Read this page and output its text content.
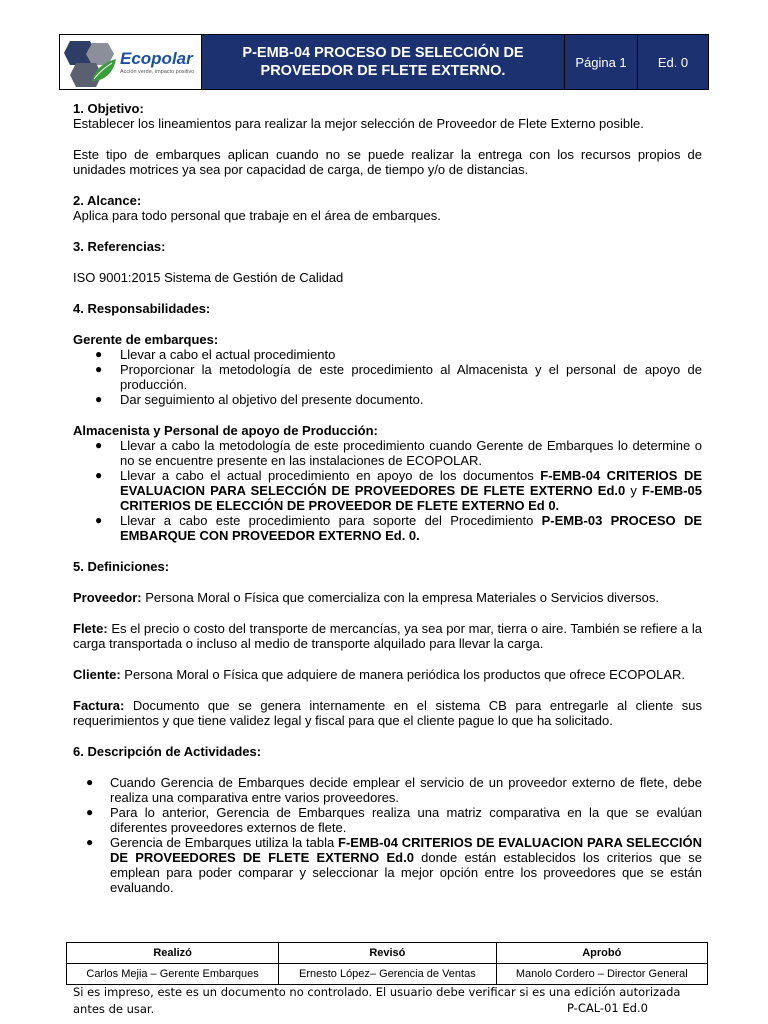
Ecopolar
Acción verde, impacto positivo
P-EMB-04 PROCESO DE SELECCIÓN DE
PROVEEDOR DE FLETE EXTERNO.
Página 1	Ed. 0

1. Objetivo:

Establecer los lineamientos para realizar la mejor selección de Proveedor de Flete Externo posible.

Este tipo de embarques aplican cuando no se puede realizar la entrega con los recursos propios de unidades motrices ya sea por capacidad de carga, de tiempo y/o de distancias.

2. Alcance:

Aplica para todo personal que trabaje en el área de embarques.

3. Referencias:

ISO 9001:2015 Sistema de Gestión de Calidad

4. Responsabilidades:

Gerente de embarques:

● Llevar a cabo el actual procedimiento
● Proporcionar la metodología de este procedimiento al Almacenista y el personal de apoyo de producción.
● Dar seguimiento al objetivo del presente documento.

Almacenista y Personal de apoyo de Producción:

● Llevar a cabo la metodología de este procedimiento cuando Gerente de Embarques lo determine o no se encuentre presente en las instalaciones de ECOPOLAR.
● Llevar a cabo el actual procedimiento en apoyo de los documentos F-EMB-04 CRITERIOS DE EVALUACION PARA SELECCIÓN DE PROVEEDORES DE FLETE EXTERNO Ed.0 y F-EMB-05 CRITERIOS DE ELECCIÓN DE PROVEEDOR DE FLETE EXTERNO Ed 0.
● Llevar a cabo este procedimiento para soporte del Procedimiento P-EMB-03 PROCESO DE EMBARQUE CON PROVEEDOR EXTERNO Ed. 0.

5. Definiciones:

Proveedor: Persona Moral o Física que comercializa con la empresa Materiales o Servicios diversos.

Flete: Es el precio o costo del transporte de mercancías, ya sea por mar, tierra o aire. También se refiere a la carga transportada o incluso al medio de transporte alquilado para llevar la carga.

Cliente: Persona Moral o Física que adquiere de manera periódica los productos que ofrece ECOPOLAR.

Factura: Documento que se genera internamente en el sistema CB para entregarle al cliente sus requerimientos y que tiene validez legal y fiscal para que el cliente pague lo que ha solicitado.

6. Descripción de Actividades:

● Cuando Gerencia de Embarques decide emplear el servicio de un proveedor externo de flete, debe realiza una comparativa entre varios proveedores.
● Para lo anterior, Gerencia de Embarques realiza una matriz comparativa en la que se evalúan diferentes proveedores externos de flete.
● Gerencia de Embarques utiliza la tabla F-EMB-04 CRITERIOS DE EVALUACION PARA SELECCIÓN DE PROVEEDORES DE FLETE EXTERNO Ed.0 donde están establecidos los criterios que se emplean para poder comparar y seleccionar la mejor opción entre los proveedores que se están evaluando.
Realizó	Revisó	Aprobó
Carlos Mejia – Gerente Embarques	Ernesto López– Gerencia de Ventas	Manolo Cordero – Director General
Si es impreso, este es un documento no controlado. El usuario debe verificar si es una edición autorizada antes de usar.	P-CAL-01 Ed.0
